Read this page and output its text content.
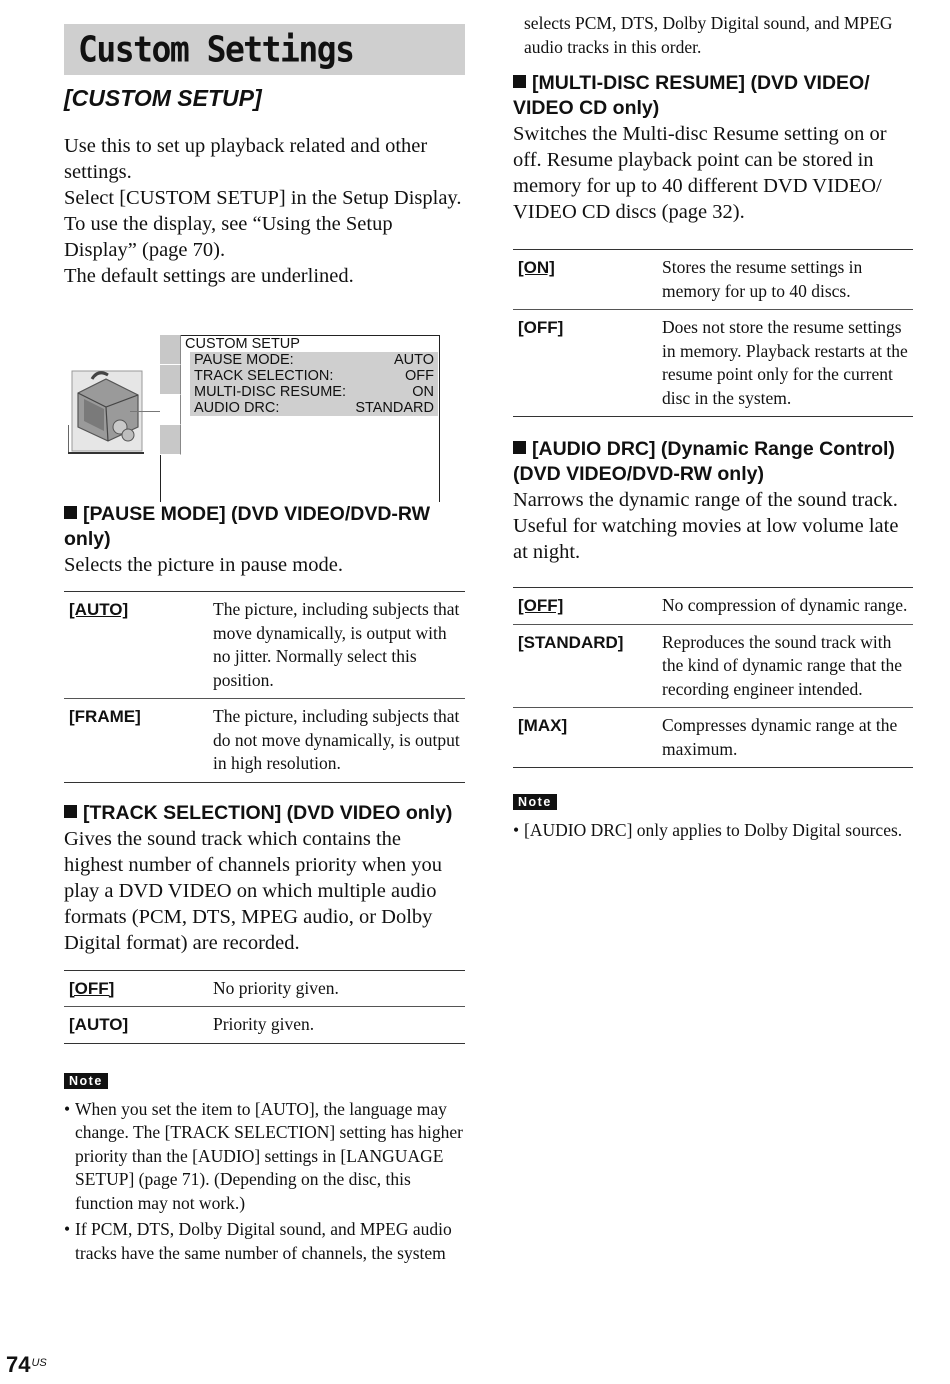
Custom Settings
[CUSTOM SETUP]

Use this to set up playback related and other settings.

Select [CUSTOM SETUP] in the Setup Display.
To use the display, see “Using the Setup Display” (page 70).
The default settings are underlined.

[PAUSE MODE] (DVD VIDEO/DVD-RW only)

Selects the picture in pause mode.

[AUTO]	The picture, including subjects that move dynamically, is output with no jitter. Normally select this position.
[FRAME]	The picture, including subjects that do not move dynamically, is output in high resolution.
[TRACK SELECTION] (DVD VIDEO only)

Gives the sound track which contains the highest number of channels priority when you play a DVD VIDEO on which multiple audio formats (PCM, DTS, MPEG audio, or Dolby Digital format) are recorded.

[OFF]	No priority given.
[AUTO]	Priority given.
Note
• When you set the item to [AUTO], the language may change. The [TRACK SELECTION] setting has higher priority than the [AUDIO] settings in [LANGUAGE SETUP] (page 71). (Depending on the disc, this function may not work.)
• If PCM, DTS, Dolby Digital sound, and MPEG audio tracks have the same number of channels, the system
CUSTOM SETUP
PAUSE MODE:	AUTO
TRACK SELECTION:	OFF
MULTI-DISC RESUME:	ON
AUDIO DRC:	STANDARD

selects PCM, DTS, Dolby Digital sound, and MPEG audio tracks in this order.

[MULTI-DISC RESUME] (DVD VIDEO/ VIDEO CD only)

Switches the Multi-disc Resume setting on or off. Resume playback point can be stored in memory for up to 40 different DVD VIDEO/ VIDEO CD discs (page 32).

[ON]	Stores the resume settings in memory for up to 40 discs.
[OFF]	Does not store the resume settings in memory. Playback restarts at the resume point only for the current disc in the system.
[AUDIO DRC] (Dynamic Range Control) (DVD VIDEO/DVD-RW only)

Narrows the dynamic range of the sound track. Useful for watching movies at low volume late at night.

[OFF]	No compression of dynamic range.
[STANDARD]	Reproduces the sound track with the kind of dynamic range that the recording engineer intended.
[MAX]	Compresses dynamic range at the maximum.
Note
• [AUDIO DRC] only applies to Dolby Digital sources.
$74^{US}$
